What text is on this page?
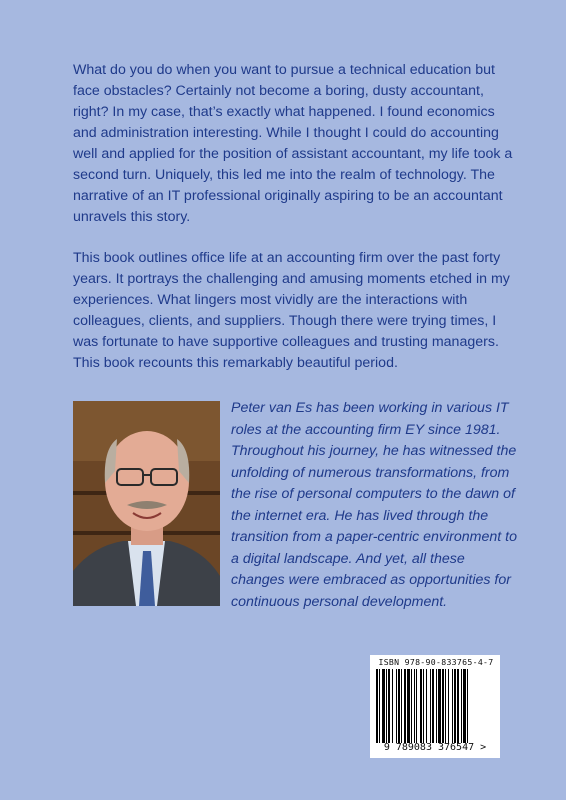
What do you do when you want to pursue a technical education but face obstacles? Certainly not become a boring, dusty accountant, right? In my case, that’s exactly what happened. I found economics and administration interesting. While I thought I could do accounting well and applied for the position of assistant accountant, my life took a second turn. Uniquely, this led me into the realm of technology. The narrative of an IT professional originally aspiring to be an accountant unravels this story.

This book outlines office life at an accounting firm over the past forty years. It portrays the challenging and amusing moments etched in my experiences. What lingers most vividly are the interactions with colleagues, clients, and suppliers. Though there were trying times, I was fortunate to have supportive colleagues and trusting managers. This book recounts this remarkably beautiful period.

Peter van Es has been working in various IT roles at the accounting firm EY since 1981. Throughout his journey, he has witnessed the unfolding of numerous transformations, from the rise of personal computers to the dawn of the internet era. He has lived through the transition from a paper-centric environment to a digital landscape. And yet, all these changes were embraced as opportunities for continuous personal development.

ISBN 978-90-833765-4-7
9 789083 376547 >
